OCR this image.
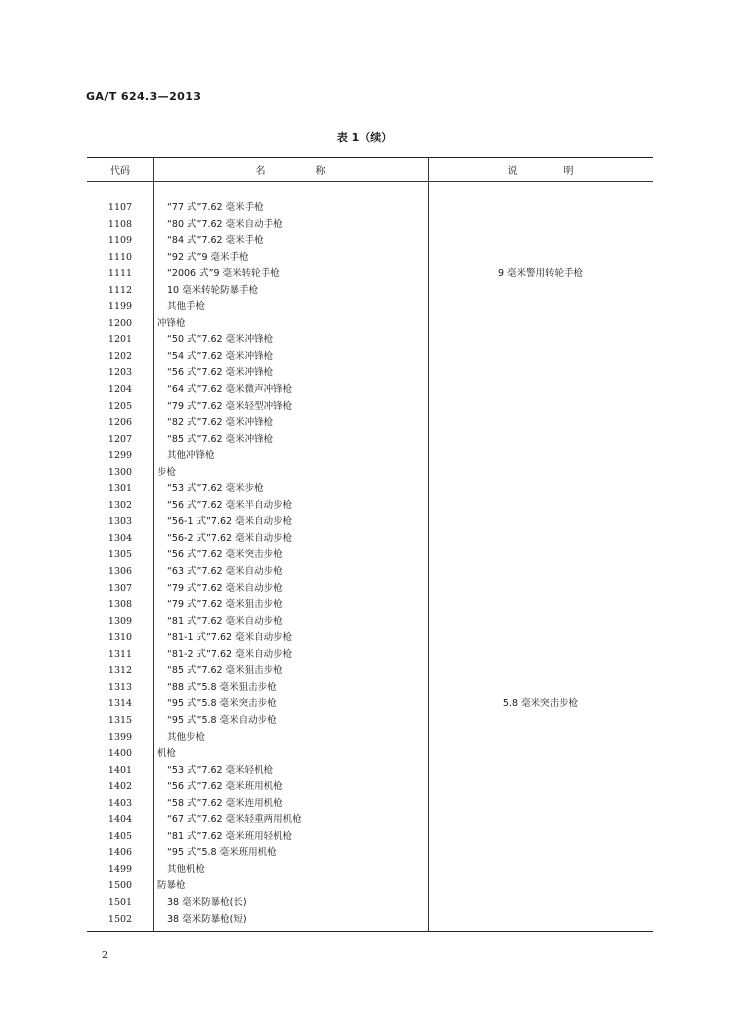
GA/T 624.3—2013
表 1（续）
代码	名　称	说　明
1107	“77 式”7.62 毫米手枪
1108	“80 式”7.62 毫米自动手枪
1109	“84 式”7.62 毫米手枪
1110	“92 式”9 毫米手枪
1111	“2006 式”9 毫米转轮手枪	9 毫米警用转轮手枪
1112	10 毫米转轮防暴手枪
1199	其他手枪
1200	冲锋枪
1201	“50 式”7.62 毫米冲锋枪
1202	“54 式”7.62 毫米冲锋枪
1203	“56 式”7.62 毫米冲锋枪
1204	“64 式”7.62 毫米微声冲锋枪
1205	“79 式”7.62 毫米轻型冲锋枪
1206	“82 式”7.62 毫米冲锋枪
1207	“85 式”7.62 毫米冲锋枪
1299	其他冲锋枪
1300	步枪
1301	“53 式”7.62 毫米步枪
1302	“56 式”7.62 毫米半自动步枪
1303	“56-1 式”7.62 毫米自动步枪
1304	“56-2 式”7.62 毫米自动步枪
1305	“56 式”7.62 毫米突击步枪
1306	“63 式”7.62 毫米自动步枪
1307	“79 式”7.62 毫米自动步枪
1308	“79 式”7.62 毫米狙击步枪
1309	“81 式”7.62 毫米自动步枪
1310	“81-1 式”7.62 毫米自动步枪
1311	“81-2 式”7.62 毫米自动步枪
1312	“85 式”7.62 毫米狙击步枪
1313	“88 式”5.8 毫米狙击步枪
1314	“95 式”5.8 毫米突击步枪	5.8 毫米突击步枪
1315	“95 式”5.8 毫米自动步枪
1399	其他步枪
1400	机枪
1401	“53 式”7.62 毫米轻机枪
1402	“56 式”7.62 毫米班用机枪
1403	“58 式”7.62 毫米连用机枪
1404	“67 式”7.62 毫米轻重两用机枪
1405	“81 式”7.62 毫米班用轻机枪
1406	“95 式”5.8 毫米班用机枪
1499	其他机枪
1500	防暴枪
1501	38 毫米防暴枪(长)
1502	38 毫米防暴枪(短)
2
